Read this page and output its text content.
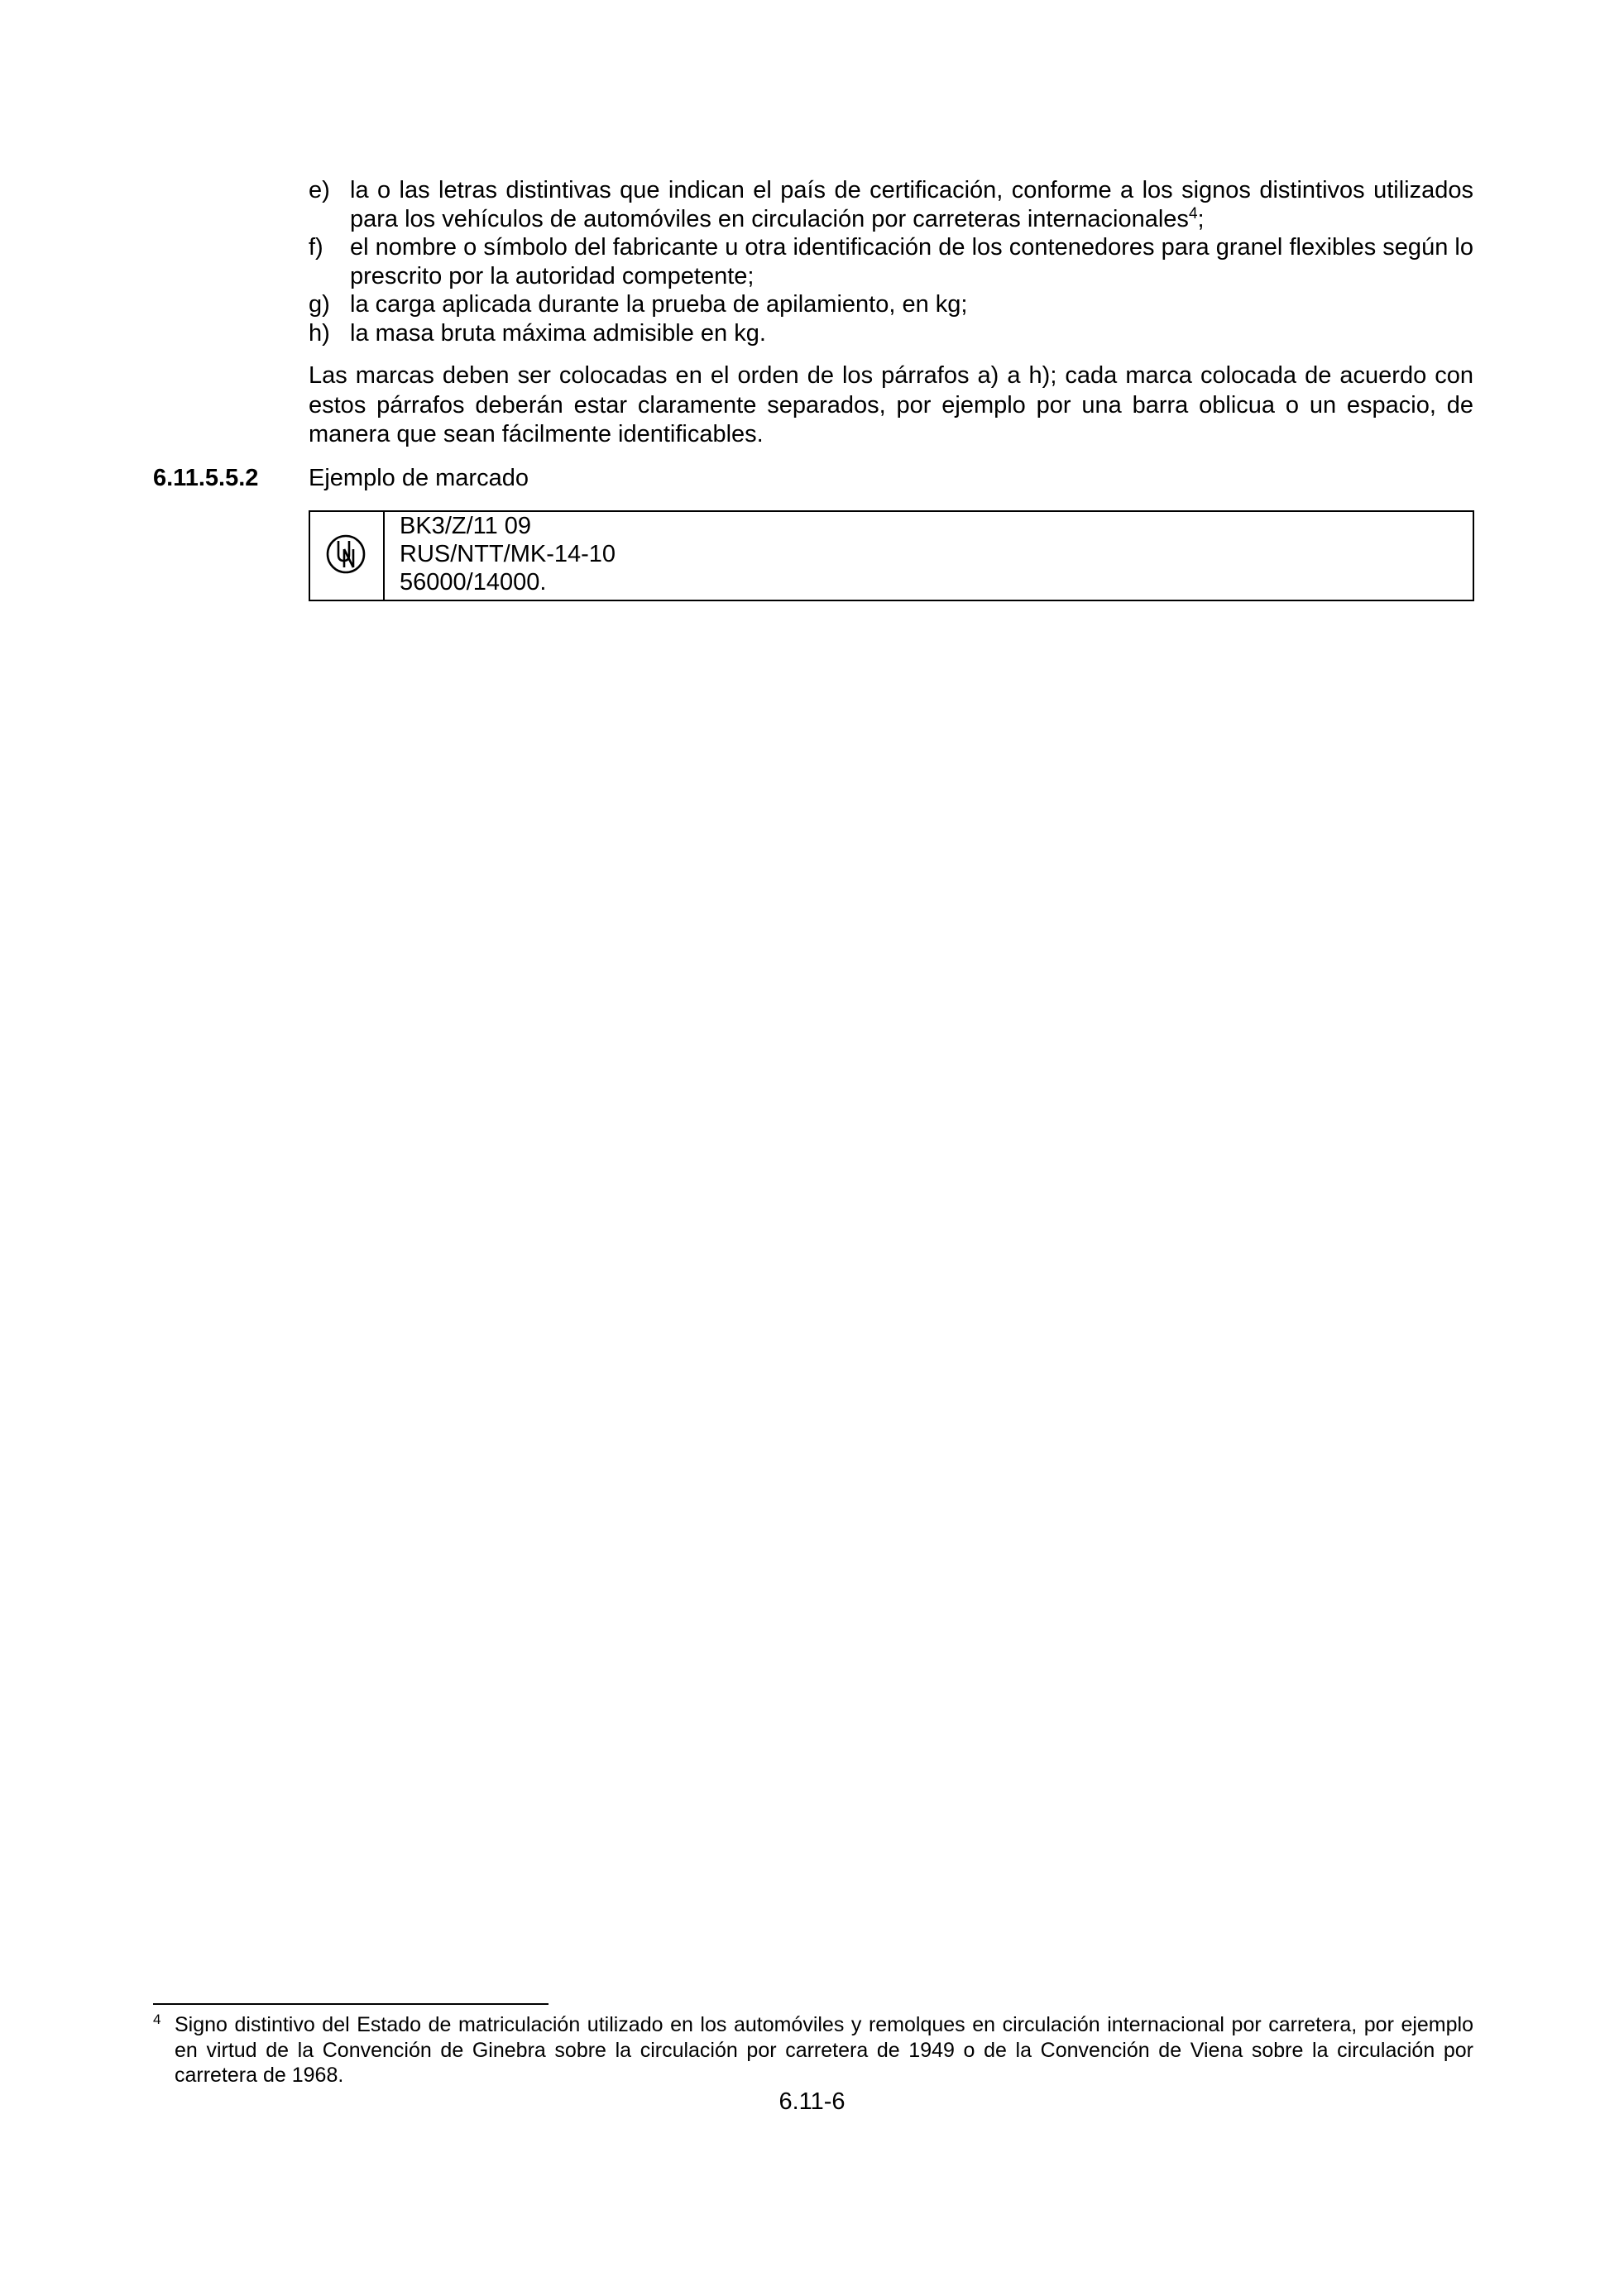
e) la o las letras distintivas que indican el país de certificación, conforme a los signos distintivos utilizados para los vehículos de automóviles en circulación por carreteras internacionales$^4$;
f) el nombre o símbolo del fabricante u otra identificación de los contenedores para granel flexibles según lo prescrito por la autoridad competente;
g) la carga aplicada durante la prueba de apilamiento, en kg;
h) la masa bruta máxima admisible en kg.
Las marcas deben ser colocadas en el orden de los párrafos a) a h); cada marca colocada de acuerdo con estos párrafos deberán estar claramente separados, por ejemplo por una barra oblicua o un espacio, de manera que sean fácilmente identificables.
6.11.5.5.2 Ejemplo de marcado
BK3/Z/11 09
RUS/NTT/MK-14-10
56000/14000.
4 Signo distintivo del Estado de matriculación utilizado en los automóviles y remolques en circulación internacional por carretera, por ejemplo en virtud de la Convención de Ginebra sobre la circulación por carretera de 1949 o de la Convención de Viena sobre la circulación por carretera de 1968.
6.11-6
